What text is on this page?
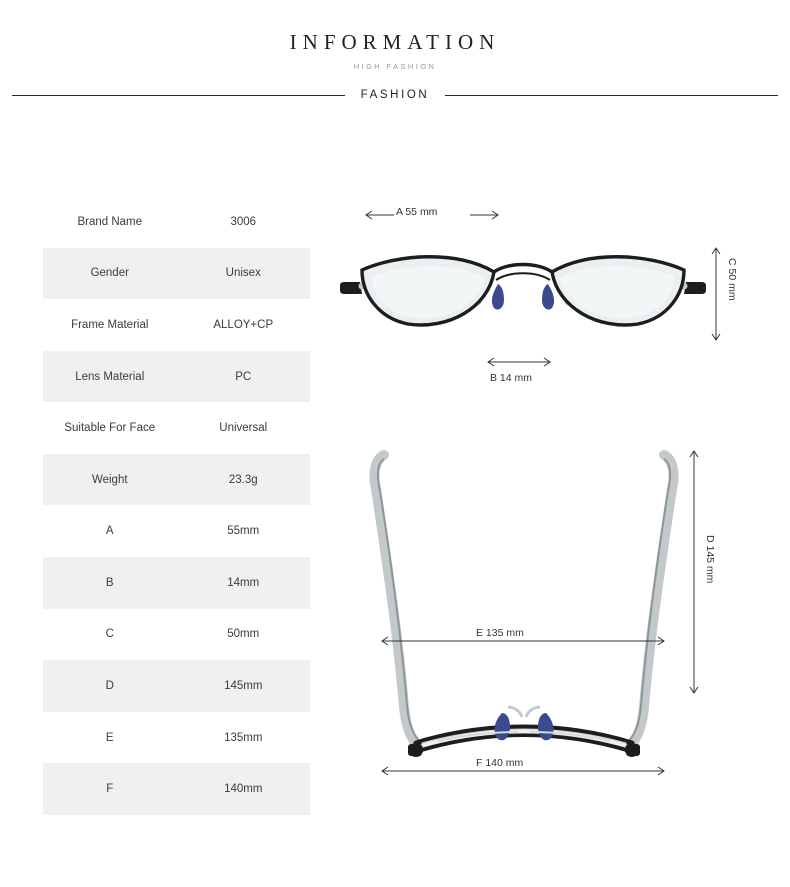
INFORMATION
HIGH FASHION
FASHION
Brand Name	3006
Gender	Unisex
Frame Material	ALLOY+CP
Lens Material	PC
Suitable For Face	Universal
Weight	23.3g
A	55mm
B	14mm
C	50mm
D	145mm
E	135mm
F	140mm
A 55 mm
B 14 mm
C 50 mm
D 145 mm
E 135 mm
F 140 mm
